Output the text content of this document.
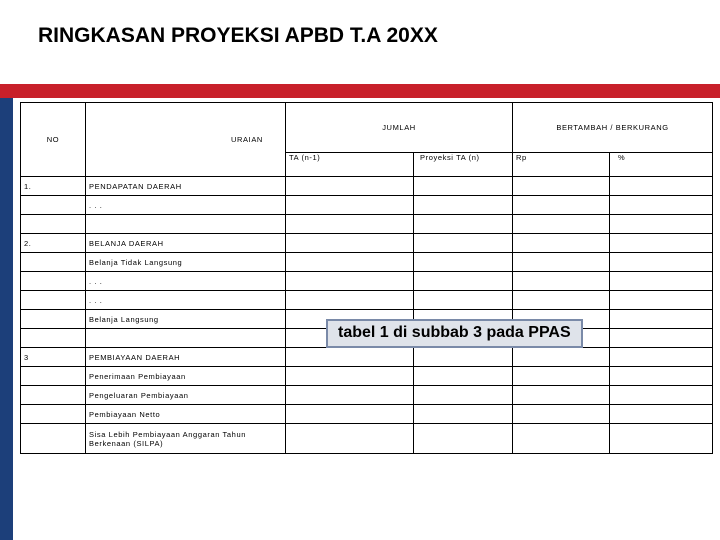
RINGKASAN PROYEKSI APBD T.A 20XX
NO	URAIAN	JUMLAH		BERTAMBAH / BERKURANG	
		TA (n-1)	Proyeksi TA (n)	Rp	%
1.	PENDAPATAN DAERAH				
	. . .				

2.	BELANJA DAERAH				
	Belanja Tidak Langsung				
	. . .				
	. . .				
	Belanja Langsung				

3	PEMBIAYAAN DAERAH				
	Penerimaan Pembiayaan				
	Pengeluaran Pembiayaan				
	Pembiayaan Netto				
	Sisa Lebih Pembiayaan Anggaran Tahun Berkenaan (SILPA)				
tabel 1 di subbab 3 pada PPAS
